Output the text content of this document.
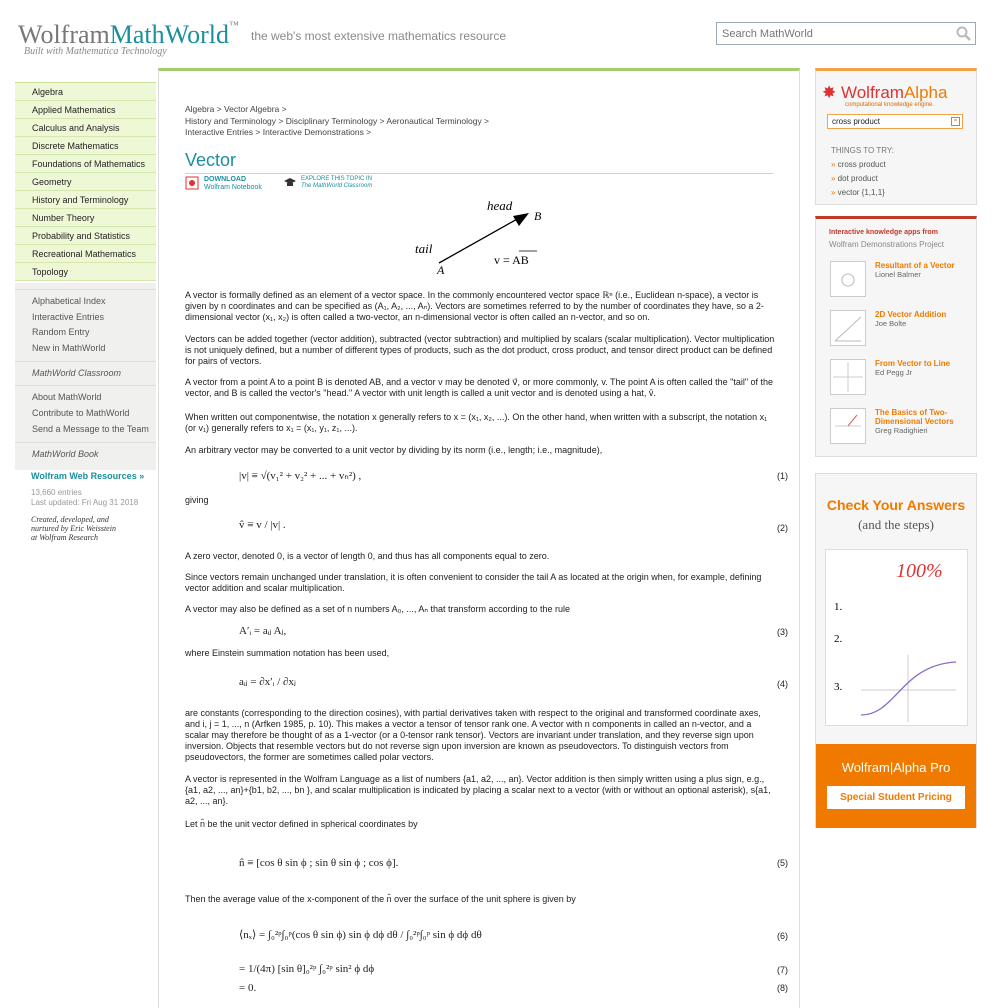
WolframMathWorld™
Built with Mathematica Technology
the web's most extensive mathematics resource
Search MathWorld
Algebra
Applied Mathematics
Calculus and Analysis
Discrete Mathematics
Foundations of Mathematics
Geometry
History and Terminology
Number Theory
Probability and Statistics
Recreational Mathematics
Topology
Alphabetical Index
Interactive Entries
Random Entry
New in MathWorld
MathWorld Classroom
About MathWorld
Contribute to MathWorld
Send a Message to the Team
MathWorld Book
Wolfram Web Resources »
13,660 entries
Last updated: Fri Aug 31 2018
Created, developed, and
nurtured by Eric Weisstein
at Wolfram Research
Algebra > Vector Algebra >
History and Terminology > Disciplinary Terminology > Aeronautical Terminology >
Interactive Entries > Interactive Demonstrations >
Vector
DOWNLOAD
Wolfram Notebook
EXPLORE THIS TOPIC IN
The MathWorld Classroom
head
tail
A
B
v = AB
A vector is formally defined as an element of a vector space. In the commonly encountered vector space ℝⁿ (i.e., Euclidean n-space), a vector is given by n coordinates and can be specified as (A₁, A₂, ..., Aₙ). Vectors are sometimes referred to by the number of coordinates they have, so a 2-dimensional vector (x₁, x₂) is often called a two-vector, an n-dimensional vector is often called an n-vector, and so on.
Vectors can be added together (vector addition), subtracted (vector subtraction) and multiplied by scalars (scalar multiplication). Vector multiplication is not uniquely defined, but a number of different types of products, such as the dot product, cross product, and tensor direct product can be defined for pairs of vectors.
A vector from a point A to a point B is denoted AB, and a vector v may be denoted v⃗, or more commonly, v. The point A is often called the "tail" of the vector, and B is called the vector's "head." A vector with unit length is called a unit vector and is denoted using a hat, v̂.
When written out componentwise, the notation x generally refers to x = (x₁, x₂, ...). On the other hand, when written with a subscript, the notation x₁ (or v₁) generally refers to x₁ = (x₁, y₁, z₁, ...).
An arbitrary vector may be converted to a unit vector by dividing by its norm (i.e., length; i.e., magnitude),
|v| ≡ √(v₁² + v₂² + ... + vₙ²) ,	(1)
giving
v̂ ≡ v / |v| .	(2)
A zero vector, denoted 0, is a vector of length 0, and thus has all components equal to zero.
Since vectors remain unchanged under translation, it is often convenient to consider the tail A as located at the origin when, for example, defining vector addition and scalar multiplication.
A vector may also be defined as a set of n numbers A₀, ..., Aₙ that transform according to the rule
A′ᵢ = aᵢⱼ Aⱼ,	(3)
where Einstein summation notation has been used,
aᵢⱼ = ∂x′ᵢ / ∂xⱼ	(4)
are constants (corresponding to the direction cosines), with partial derivatives taken with respect to the original and transformed coordinate axes, and i, j = 1, ..., n (Arfken 1985, p. 10). This makes a vector a tensor of tensor rank one. A vector with n components in called an n-vector, and a scalar may therefore be thought of as a 1-vector (or a 0-tensor rank tensor). Vectors are invariant under translation, and they reverse sign upon inversion. Objects that resemble vectors but do not reverse sign upon inversion are known as pseudovectors. To distinguish vectors from pseudovectors, the former are sometimes called polar vectors.
A vector is represented in the Wolfram Language as a list of numbers {a1, a2, ..., an}. Vector addition is then simply written using a plus sign, e.g., {a1, a2, ..., an}+{b1, b2, ..., bn }, and scalar multiplication is indicated by placing a scalar next to a vector (with or without an optional asterisk), s{a1, a2, ..., an}.
Let n̂ be the unit vector defined in spherical coordinates by
n̂ ≡ [cos θ sin ϕ ; sin θ sin ϕ ; cos ϕ].	(5)
Then the average value of the x-component of the n̂ over the surface of the unit sphere is given by
⟨nₓ⟩ = ∫₀²ᵖ∫₀ᵖ(cos θ sin ϕ) sin ϕ dϕ dθ / ∫₀²ᵖ∫₀ᵖ sin ϕ dϕ dθ	(6)
= 1/(4π) [sin θ]₀²ᵖ ∫₀²ᵖ sin² ϕ dϕ	(7)
= 0.	(8)
✸ WolframAlpha
computational knowledge engine.
cross product	=
THINGS TO TRY:
» cross product
» dot product
» vector {1,1,1}
Interactive knowledge apps from
Wolfram Demonstrations Project
Resultant of a Vector
Lionel Balmer
2D Vector Addition
Joe Bolte
From Vector to Line
Ed Pegg Jr
The Basics of Two-Dimensional Vectors
Greg Radighieri
Check Your Answers
(and the steps)
100%
1.
2.
3.
Wolfram|Alpha Pro
Special Student Pricing
